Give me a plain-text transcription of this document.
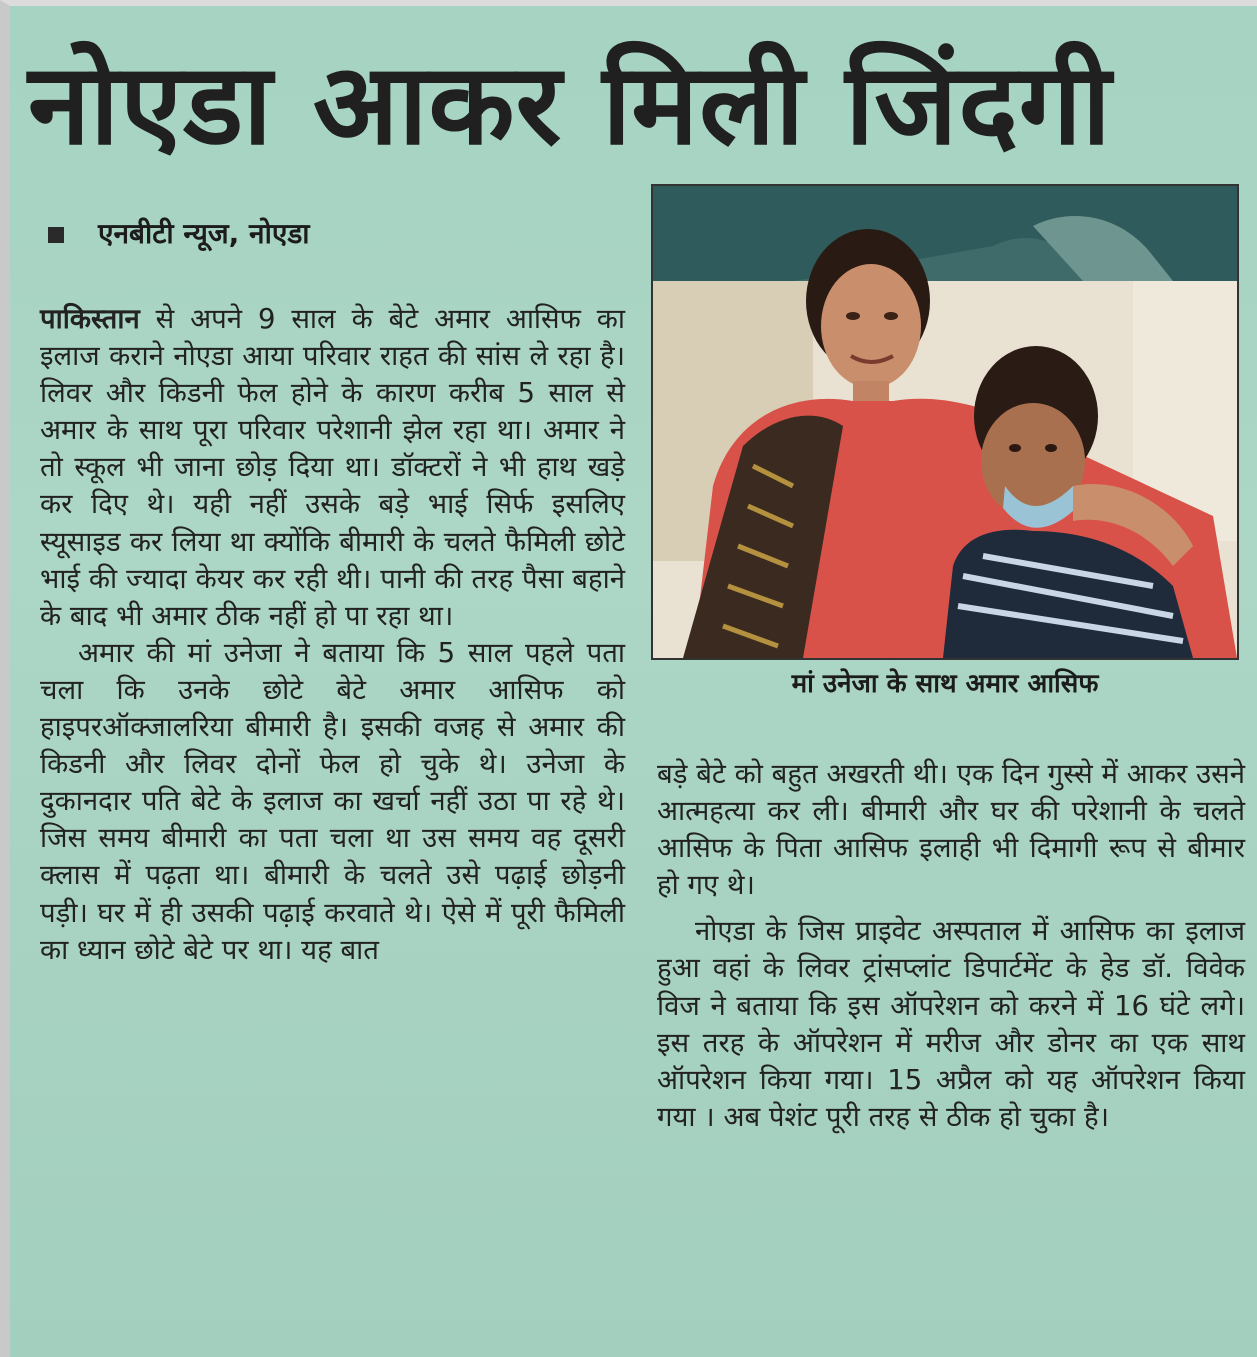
नोएडा आकर मिली जिंदगी
एनबीटी न्यूज, नोएडा

पाकिस्तान से अपने 9 साल के बेटे अमार आसिफ का इलाज कराने नोएडा आया परिवार राहत की सांस ले रहा है। लिवर और किडनी फेल होने के कारण करीब 5 साल से अमार के साथ पूरा परिवार परेशानी झेल रहा था। अमार ने तो स्कूल भी जाना छोड़ दिया था। डॉक्टरों ने भी हाथ खड़े कर दिए थे। यही नहीं उसके बड़े भाई सिर्फ इसलिए स्यूसाइड कर लिया था क्योंकि बीमारी के चलते फैमिली छोटे भाई की ज्यादा केयर कर रही थी। पानी की तरह पैसा बहाने के बाद भी अमार ठीक नहीं हो पा रहा था।

अमार की मां उनेजा ने बताया कि 5 साल पहले पता चला कि उनके छोटे बेटे अमार आसिफ को हाइपरऑक्जालरिया बीमारी है। इसकी वजह से अमार की किडनी और लिवर दोनों फेल हो चुके थे। उनेजा के दुकानदार पति बेटे के इलाज का खर्चा नहीं उठा पा रहे थे। जिस समय बीमारी का पता चला था उस समय वह दूसरी क्लास में पढ़ता था। बीमारी के चलते उसे पढ़ाई छोड़नी पड़ी। घर में ही उसकी पढ़ाई करवाते थे। ऐसे में पूरी फैमिली का ध्यान छोटे बेटे पर था। यह बात

मां उनेजा के साथ अमार आसिफ

बड़े बेटे को बहुत अखरती थी। एक दिन गुस्से में आकर उसने आत्महत्या कर ली। बीमारी और घर की परेशानी के चलते आसिफ के पिता आसिफ इलाही भी दिमागी रूप से बीमार हो गए थे।

नोएडा के जिस प्राइवेट अस्पताल में आसिफ का इलाज हुआ वहां के लिवर ट्रांसप्लांट डिपार्टमेंट के हेड डॉ. विवेक विज ने बताया कि इस ऑपरेशन को करने में 16 घंटे लगे। इस तरह के ऑपरेशन में मरीज और डोनर का एक साथ ऑपरेशन किया गया। 15 अप्रैल को यह ऑपरेशन किया गया । अब पेशंट पूरी तरह से ठीक हो चुका है।
